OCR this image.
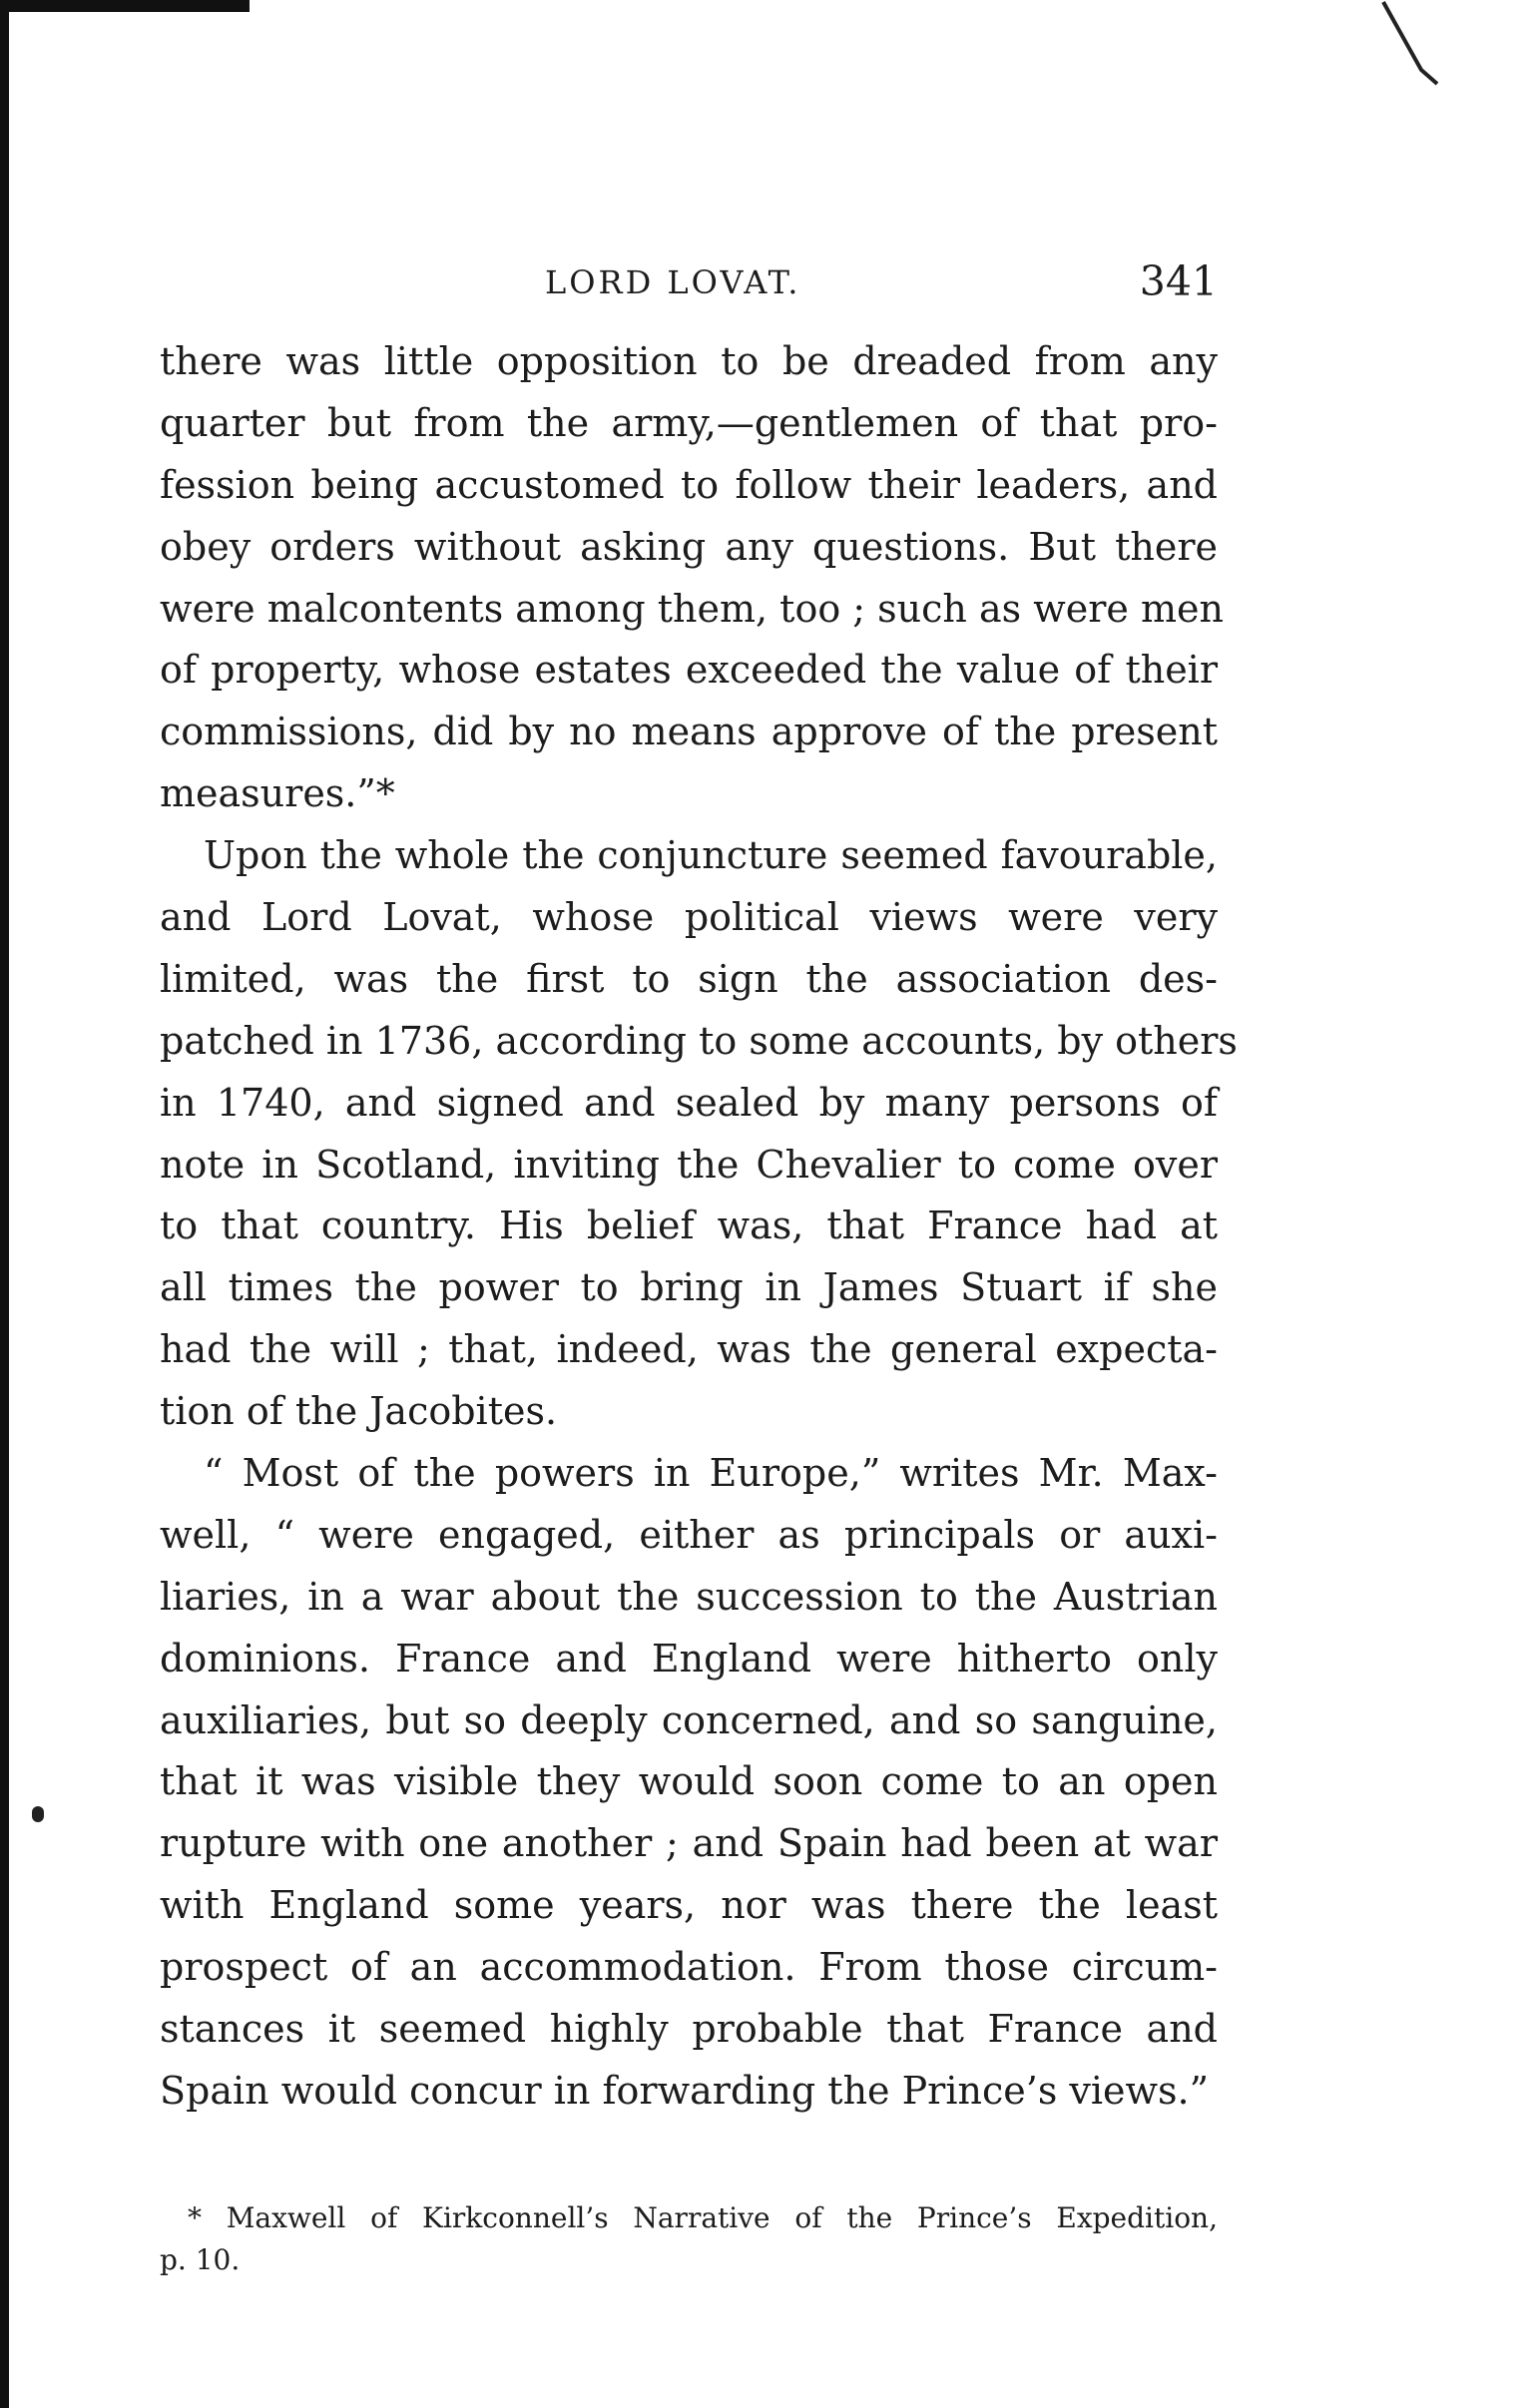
LORD LOVAT.	341
there was little opposition to be dreaded from any
quarter but from the army,—gentlemen of that pro-
fession being accustomed to follow their leaders, and
obey orders without asking any questions. But there
were malcontents among them, too ; such as were men
of property, whose estates exceeded the value of their
commissions, did by no means approve of the present
measures.”*
Upon the whole the conjuncture seemed favourable,
and Lord Lovat, whose political views were very
limited, was the first to sign the association des-
patched in 1736, according to some accounts, by others
in 1740, and signed and sealed by many persons of
note in Scotland, inviting the Chevalier to come over
to that country. His belief was, that France had at
all times the power to bring in James Stuart if she
had the will ; that, indeed, was the general expecta-
tion of the Jacobites.
“ Most of the powers in Europe,” writes Mr. Max-
well, “ were engaged, either as principals or auxi-
liaries, in a war about the succession to the Austrian
dominions. France and England were hitherto only
auxiliaries, but so deeply concerned, and so sanguine,
that it was visible they would soon come to an open
rupture with one another ; and Spain had been at war
with England some years, nor was there the least
prospect of an accommodation. From those circum-
stances it seemed highly probable that France and
Spain would concur in forwarding the Prince’s views.”
* Maxwell of Kirkconnell’s Narrative of the Prince’s Expedition,
p. 10.
